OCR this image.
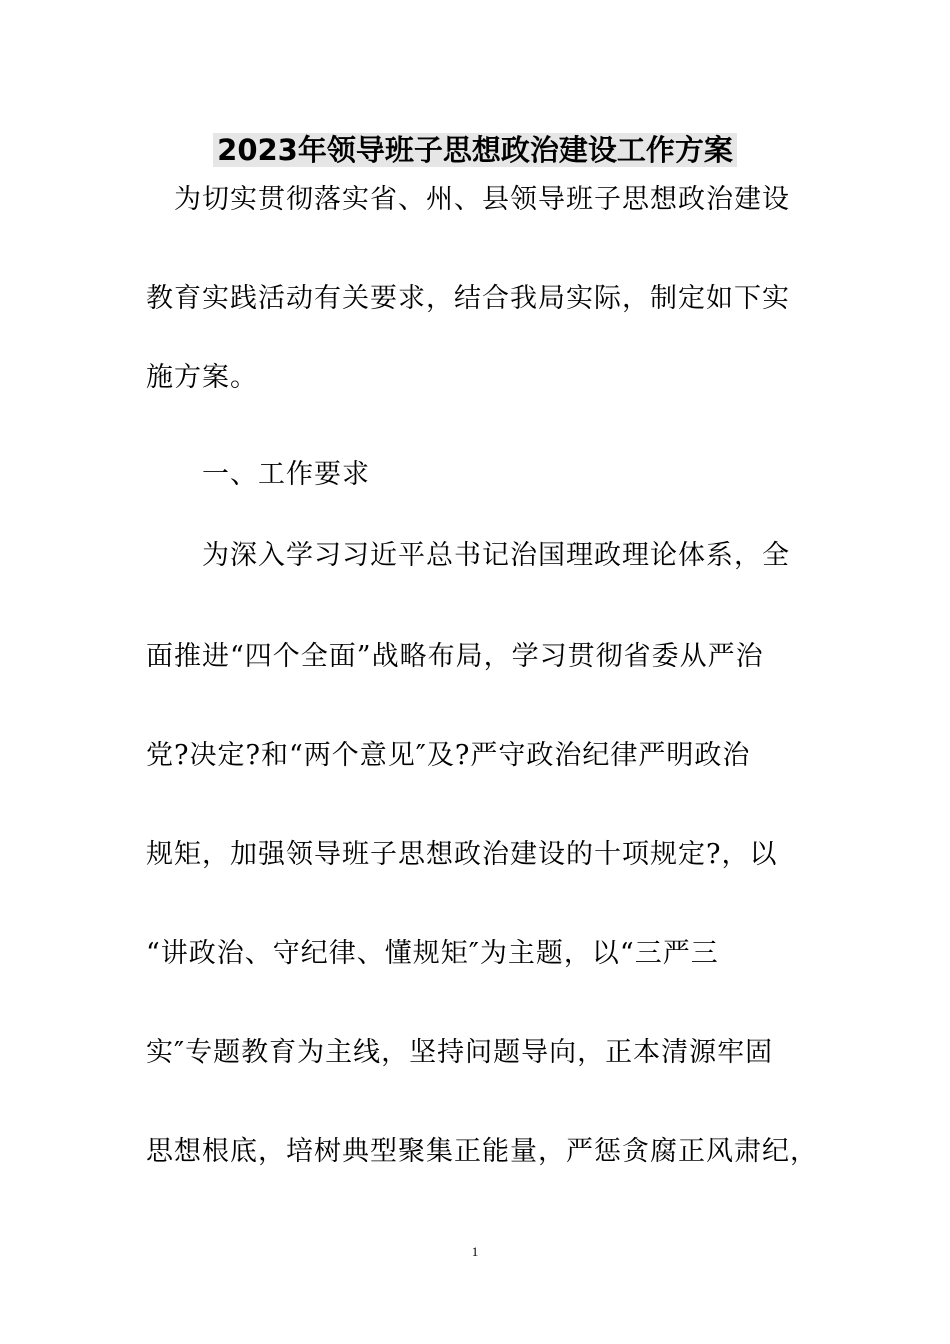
2023年领导班子思想政治建设工作方案
　为切实贯彻落实省、州、县领导班子思想政治建设
教育实践活动有关要求，结合我局实际，制定如下实
施方案。
　　一、工作要求
　　为深入学习习近平总书记治国理政理论体系，全
面推进“四个全面”战略布局，学习贯彻省委从严治
党?决定?和“两个意见″及?严守政治纪律严明政治
规矩，加强领导班子思想政治建设的十项规定?，以
“讲政治、守纪律、懂规矩″为主题，以“三严三
实″专题教育为主线，坚持问题导向，正本清源牢固
思想根底，培树典型聚集正能量，严惩贪腐正风肃纪，
1
